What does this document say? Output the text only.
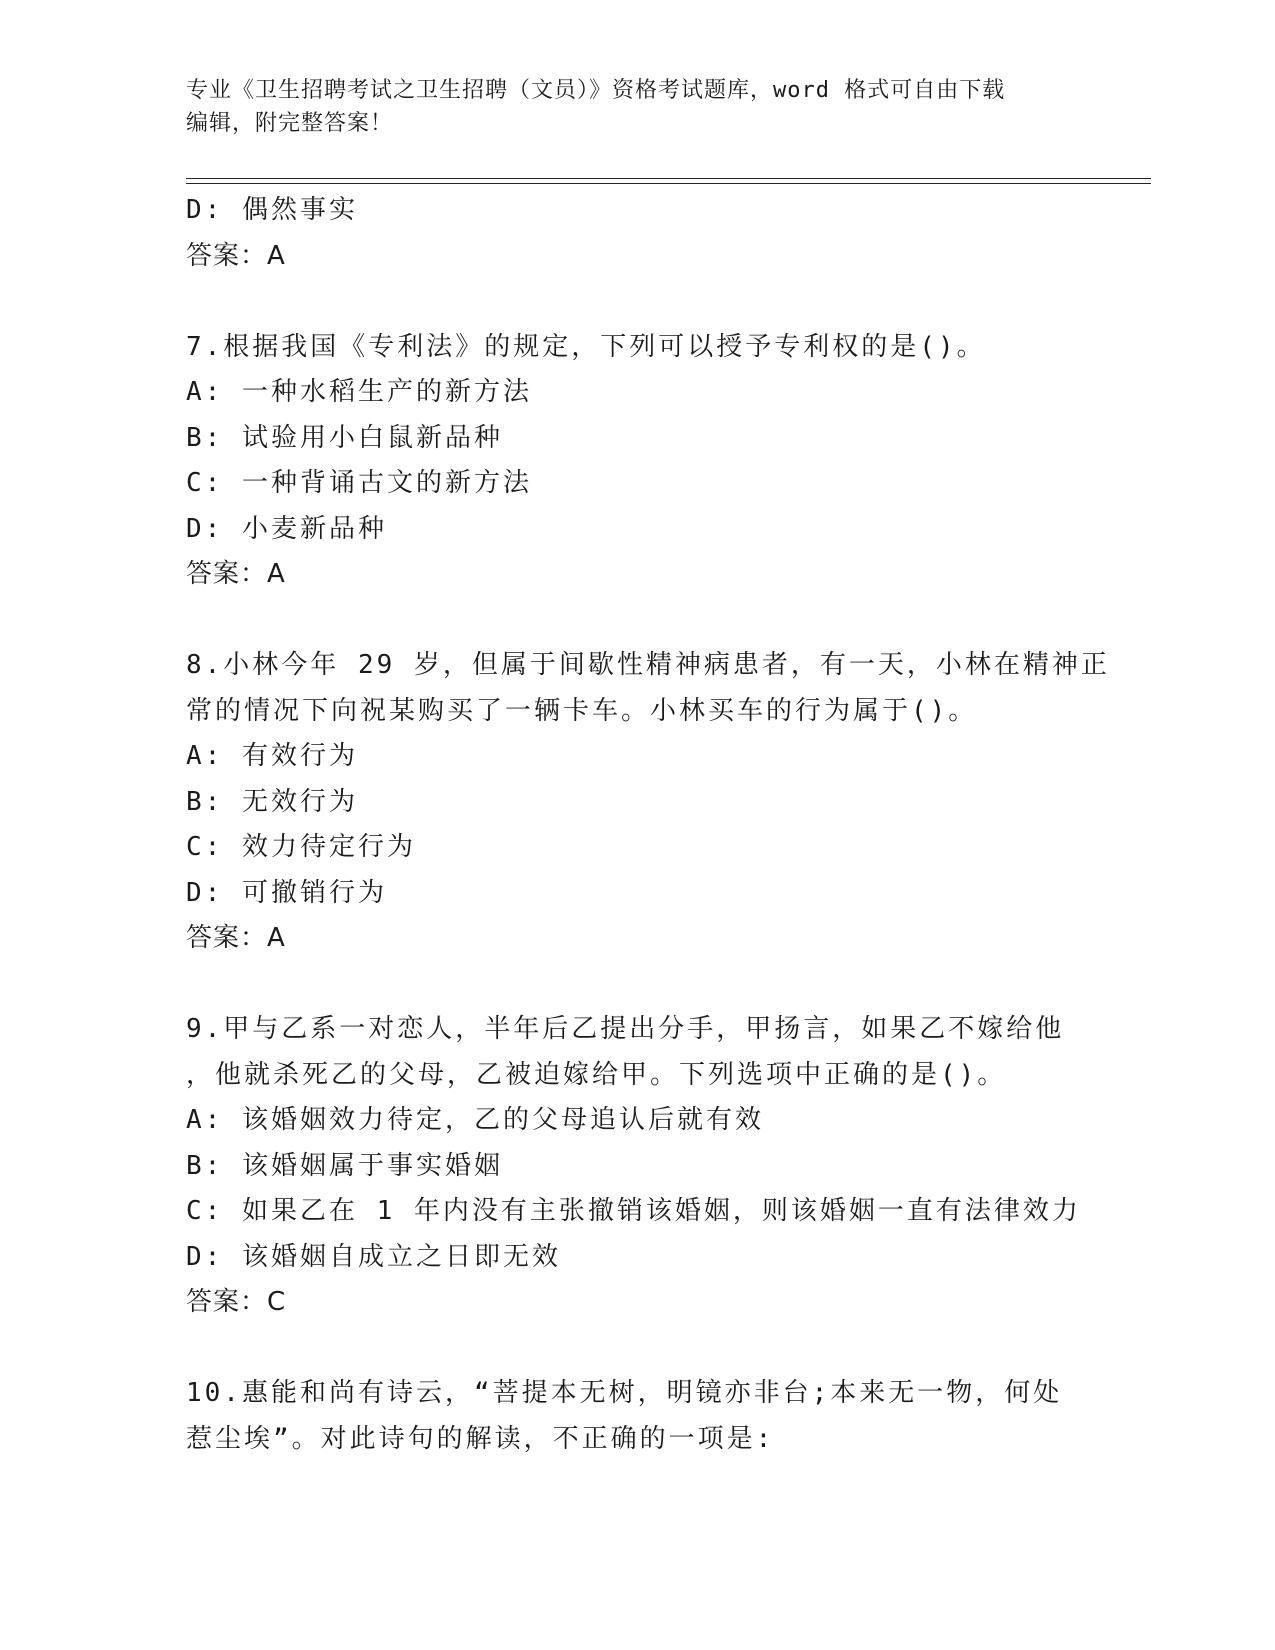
专业《卫生招聘考试之卫生招聘（文员）》资格考试题库，word 格式可自由下载
编辑，附完整答案！
D: 偶然事实
答案：A
7.根据我国《专利法》的规定，下列可以授予专利权的是()。
A: 一种水稻生产的新方法
B: 试验用小白鼠新品种
C: 一种背诵古文的新方法
D: 小麦新品种
答案：A
8.小林今年 29 岁，但属于间歇性精神病患者，有一天，小林在精神正
常的情况下向祝某购买了一辆卡车。小林买车的行为属于()。
A: 有效行为
B: 无效行为
C: 效力待定行为
D: 可撤销行为
答案：A
9.甲与乙系一对恋人，半年后乙提出分手，甲扬言，如果乙不嫁给他
，他就杀死乙的父母，乙被迫嫁给甲。下列选项中正确的是()。
A: 该婚姻效力待定，乙的父母追认后就有效
B: 该婚姻属于事实婚姻
C: 如果乙在 1 年内没有主张撤销该婚姻，则该婚姻一直有法律效力
D: 该婚姻自成立之日即无效
答案：C
10.惠能和尚有诗云，“菩提本无树，明镜亦非台;本来无一物，何处
惹尘埃”。对此诗句的解读，不正确的一项是:
